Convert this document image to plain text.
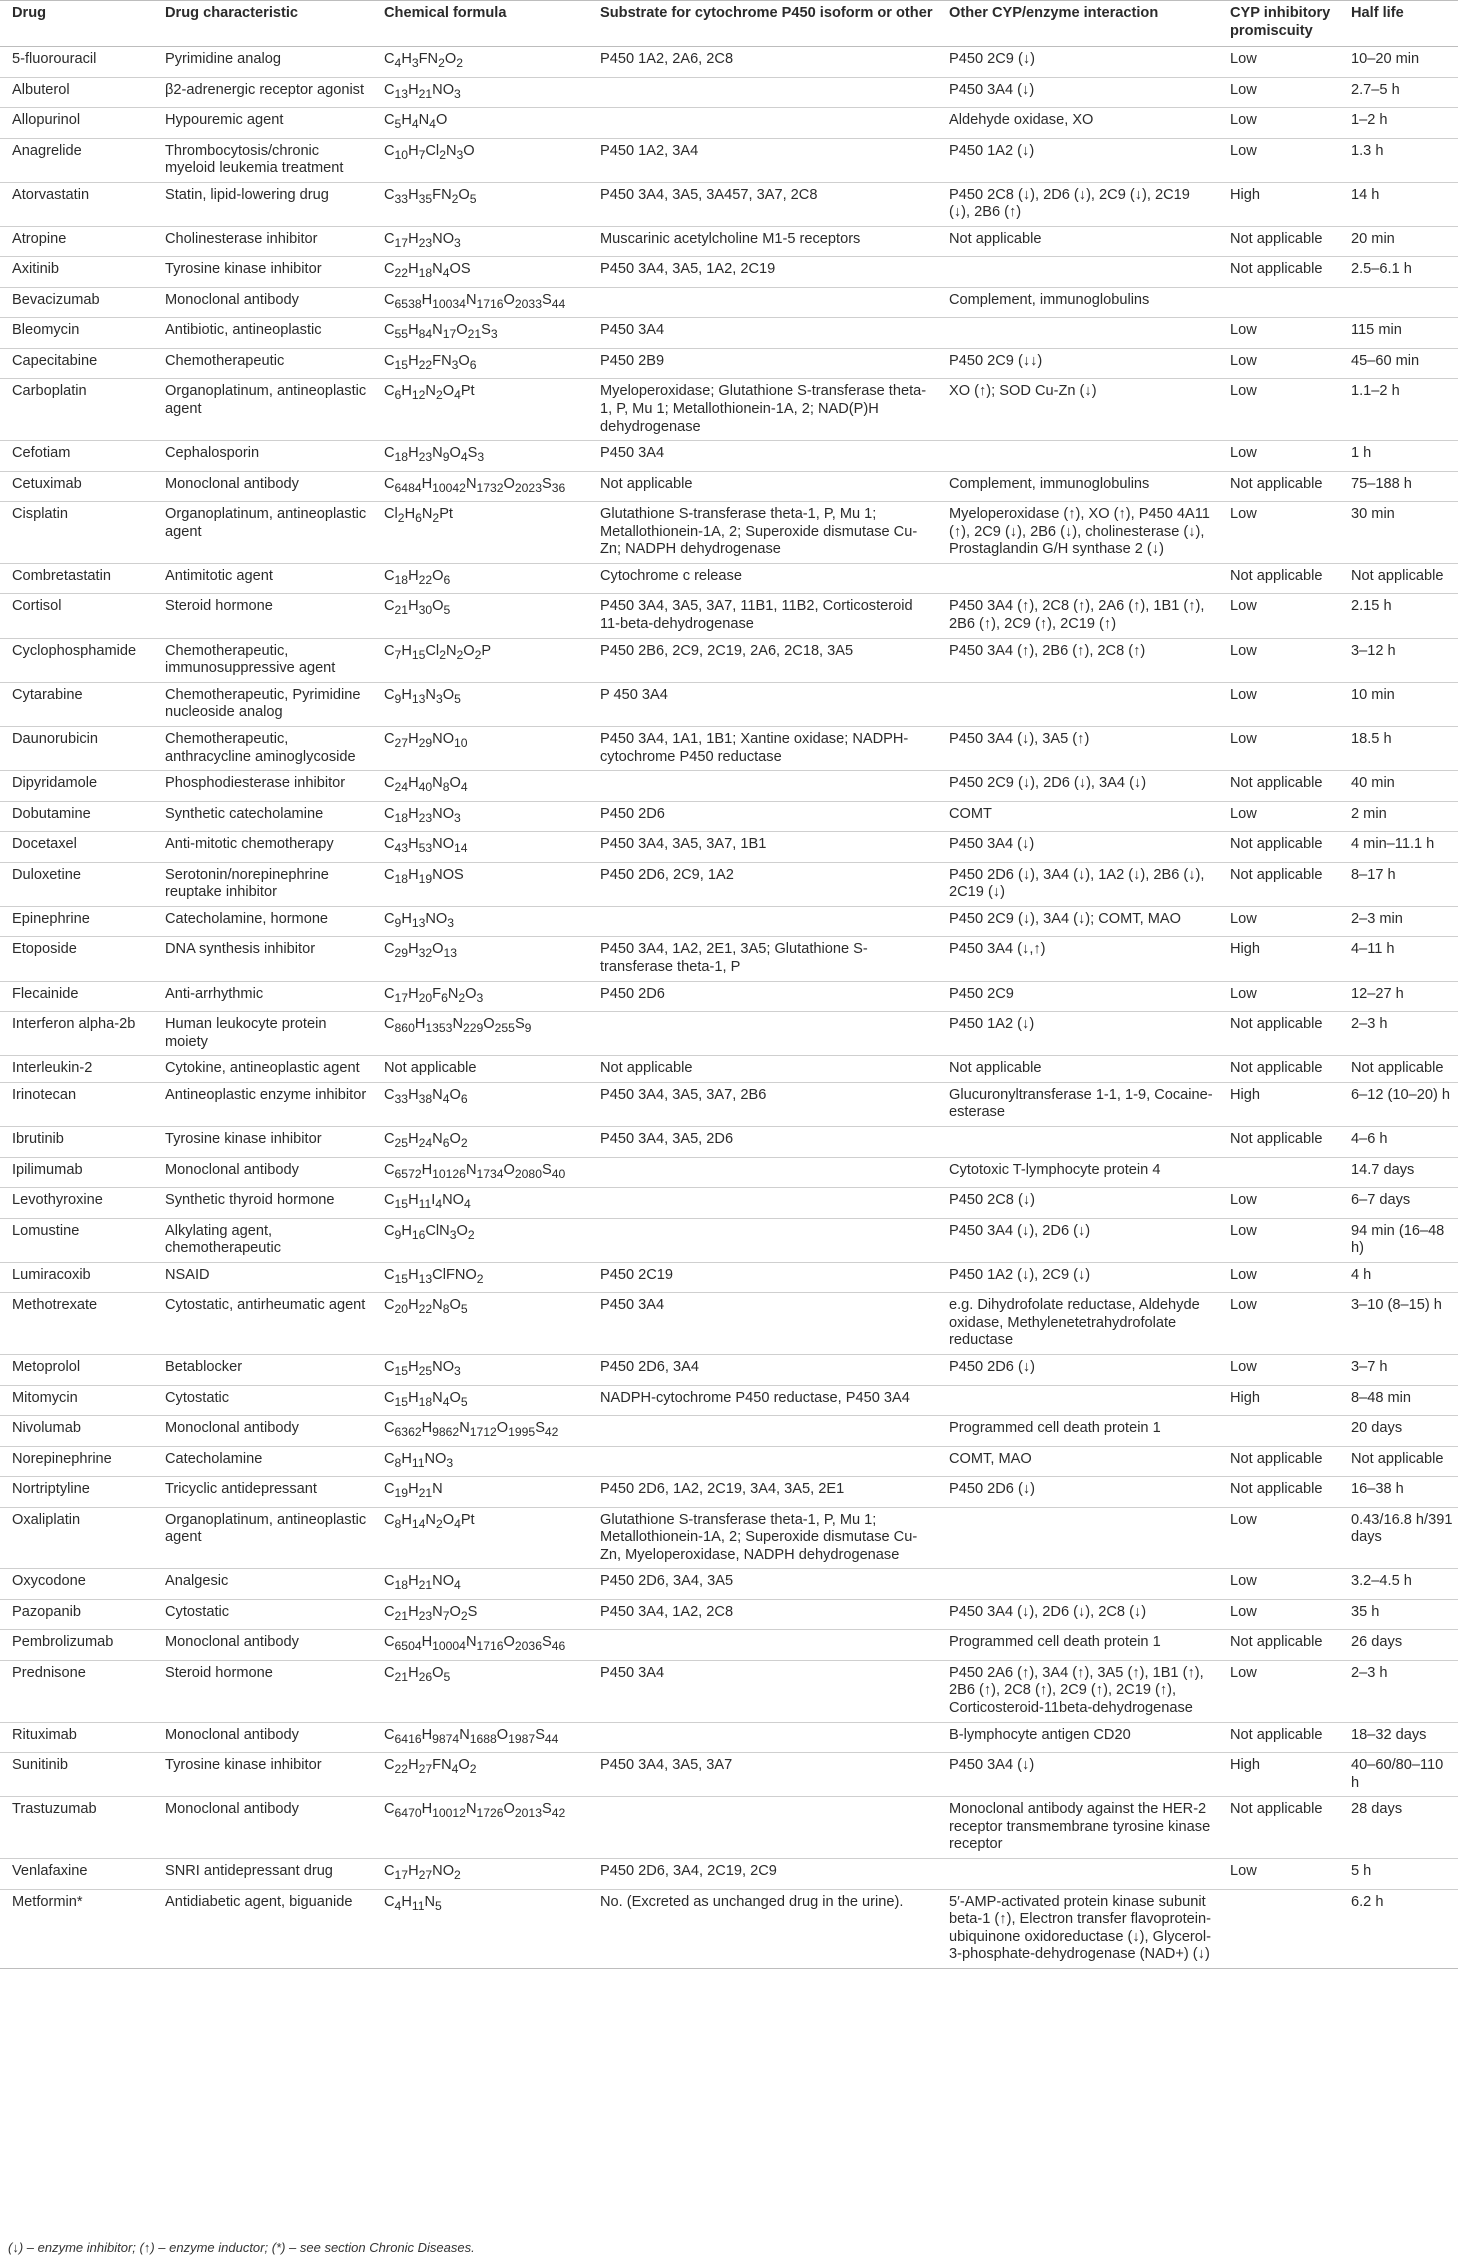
Drug	Drug characteristic	Chemical formula	Substrate for cytochrome P450 isoform or other	Other CYP/enzyme interaction	CYP inhibitory promiscuity	Half life
5-fluorouracil	Pyrimidine analog	$C_4H_3FN_2O_2$	P450 1A2, 2A6, 2C8	P450 2C9 (↓)	Low	10–20 min
Albuterol	β2-adrenergic receptor agonist	$C_{13}H_{21}NO_3$		P450 3A4 (↓)	Low	2.7–5 h
Allopurinol	Hypouremic agent	$C_5H_4N_4O$		Aldehyde oxidase, XO	Low	1–2 h
Anagrelide	Thrombocytosis/chronic myeloid leukemia treatment	$C_{10}H_7Cl_2N_3O$	P450 1A2, 3A4	P450 1A2 (↓)	Low	1.3 h
Atorvastatin	Statin, lipid-lowering drug	$C_{33}H_{35}FN_2O_5$	P450 3A4, 3A5, 3A457, 3A7, 2C8	P450 2C8 (↓), 2D6 (↓), 2C9 (↓), 2C19 (↓), 2B6 (↑)	High	14 h
Atropine	Cholinesterase inhibitor	$C_{17}H_{23}NO_3$	Muscarinic acetylcholine M1-5 receptors	Not applicable	Not applicable	20 min
Axitinib	Tyrosine kinase inhibitor	$C_{22}H_{18}N_4OS$	P450 3A4, 3A5, 1A2, 2C19		Not applicable	2.5–6.1 h
Bevacizumab	Monoclonal antibody	$C_{6538}H_{10034}N_{1716}O_{2033}S_{44}$		Complement, immunoglobulins		
Bleomycin	Antibiotic, antineoplastic	$C_{55}H_{84}N_{17}O_{21}S_3$	P450 3A4		Low	115 min
Capecitabine	Chemotherapeutic	$C_{15}H_{22}FN_3O_6$	P450 2B9	P450 2C9 (↓↓)	Low	45–60 min
Carboplatin	Organoplatinum, antineoplastic agent	$C_6H_{12}N_2O_4Pt$	Myeloperoxidase; Glutathione S-transferase theta-1, P, Mu 1; Metallothionein-1A, 2; NAD(P)H dehydrogenase	XO (↑); SOD Cu-Zn (↓)	Low	1.1–2 h
Cefotiam	Cephalosporin	$C_{18}H_{23}N_9O_4S_3$	P450 3A4		Low	1 h
Cetuximab	Monoclonal antibody	$C_{6484}H_{10042}N_{1732}O_{2023}S_{36}$	Not applicable	Complement, immunoglobulins	Not applicable	75–188 h
Cisplatin	Organoplatinum, antineoplastic agent	$Cl_2H_6N_2Pt$	Glutathione S-transferase theta-1, P, Mu 1; Metallothionein-1A, 2; Superoxide dismutase Cu-Zn; NADPH dehydrogenase	Myeloperoxidase (↑), XO (↑), P450 4A11 (↑), 2C9 (↓), 2B6 (↓), cholinesterase (↓), Prostaglandin G/H synthase 2 (↓)	Low	30 min
Combretastatin	Antimitotic agent	$C_{18}H_{22}O_6$	Cytochrome c release		Not applicable	Not applicable
Cortisol	Steroid hormone	$C_{21}H_{30}O_5$	P450 3A4, 3A5, 3A7, 11B1, 11B2, Corticosteroid 11-beta-dehydrogenase	P450 3A4 (↑), 2C8 (↑), 2A6 (↑), 1B1 (↑), 2B6 (↑), 2C9 (↑), 2C19 (↑)	Low	2.15 h
Cyclophosphamide	Chemotherapeutic, immunosuppressive agent	$C_7H_{15}Cl_2N_2O_2P$	P450 2B6, 2C9, 2C19, 2A6, 2C18, 3A5	P450 3A4 (↑), 2B6 (↑), 2C8 (↑)	Low	3–12 h
Cytarabine	Chemotherapeutic, Pyrimidine nucleoside analog	$C_9H_{13}N_3O_5$	P 450 3A4		Low	10 min
Daunorubicin	Chemotherapeutic, anthracycline aminoglycoside	$C_{27}H_{29}NO_{10}$	P450 3A4, 1A1, 1B1; Xantine oxidase; NADPH-cytochrome P450 reductase	P450 3A4 (↓), 3A5 (↑)	Low	18.5 h
Dipyridamole	Phosphodiesterase inhibitor	$C_{24}H_{40}N_8O_4$		P450 2C9 (↓), 2D6 (↓), 3A4 (↓)	Not applicable	40 min
Dobutamine	Synthetic catecholamine	$C_{18}H_{23}NO_3$	P450 2D6	COMT	Low	2 min
Docetaxel	Anti-mitotic chemotherapy	$C_{43}H_{53}NO_{14}$	P450 3A4, 3A5, 3A7, 1B1	P450 3A4 (↓)	Not applicable	4 min–11.1 h
Duloxetine	Serotonin/norepinephrine reuptake inhibitor	$C_{18}H_{19}NOS$	P450 2D6, 2C9, 1A2	P450 2D6 (↓), 3A4 (↓), 1A2 (↓), 2B6 (↓), 2C19 (↓)	Not applicable	8–17 h
Epinephrine	Catecholamine, hormone	$C_9H_{13}NO_3$		P450 2C9 (↓), 3A4 (↓); COMT, MAO	Low	2–3 min
Etoposide	DNA synthesis inhibitor	$C_{29}H_{32}O_{13}$	P450 3A4, 1A2, 2E1, 3A5; Glutathione S-transferase theta-1, P	P450 3A4 (↓,↑)	High	4–11 h
Flecainide	Anti-arrhythmic	$C_{17}H_{20}F_6N_2O_3$	P450 2D6	P450 2C9	Low	12–27 h
Interferon alpha-2b	Human leukocyte protein moiety	$C_{860}H_{1353}N_{229}O_{255}S_9$		P450 1A2 (↓)	Not applicable	2–3 h
Interleukin-2	Cytokine, antineoplastic agent	Not applicable	Not applicable	Not applicable	Not applicable	Not applicable
Irinotecan	Antineoplastic enzyme inhibitor	$C_{33}H_{38}N_4O_6$	P450 3A4, 3A5, 3A7, 2B6	Glucuronyltransferase 1-1, 1-9, Cocaine-esterase	High	6–12 (10–20) h
Ibrutinib	Tyrosine kinase inhibitor	$C_{25}H_{24}N_6O_2$	P450 3A4, 3A5, 2D6		Not applicable	4–6 h
Ipilimumab	Monoclonal antibody	$C_{6572}H_{10126}N_{1734}O_{2080}S_{40}$		Cytotoxic T-lymphocyte protein 4		14.7 days
Levothyroxine	Synthetic thyroid hormone	$C_{15}H_{11}I_4NO_4$		P450 2C8 (↓)	Low	6–7 days
Lomustine	Alkylating agent, chemotherapeutic	$C_9H_{16}ClN_3O_2$		P450 3A4 (↓), 2D6 (↓)	Low	94 min (16–48 h)
Lumiracoxib	NSAID	$C_{15}H_{13}ClFNO_2$	P450 2C19	P450 1A2 (↓), 2C9 (↓)	Low	4 h
Methotrexate	Cytostatic, antirheumatic agent	$C_{20}H_{22}N_8O_5$	P450 3A4	e.g. Dihydrofolate reductase, Aldehyde oxidase, Methylenetetrahydrofolate reductase	Low	3–10 (8–15) h
Metoprolol	Betablocker	$C_{15}H_{25}NO_3$	P450 2D6, 3A4	P450 2D6 (↓)	Low	3–7 h
Mitomycin	Cytostatic	$C_{15}H_{18}N_4O_5$	NADPH-cytochrome P450 reductase, P450 3A4		High	8–48 min
Nivolumab	Monoclonal antibody	$C_{6362}H_{9862}N_{1712}O_{1995}S_{42}$		Programmed cell death protein 1		20 days
Norepinephrine	Catecholamine	$C_8H_{11}NO_3$		COMT, MAO	Not applicable	Not applicable
Nortriptyline	Tricyclic antidepressant	$C_{19}H_{21}N$	P450 2D6, 1A2, 2C19, 3A4, 3A5, 2E1	P450 2D6 (↓)	Not applicable	16–38 h
Oxaliplatin	Organoplatinum, antineoplastic agent	$C_8H_{14}N_2O_4Pt$	Glutathione S-transferase theta-1, P, Mu 1; Metallothionein-1A, 2; Superoxide dismutase Cu-Zn, Myeloperoxidase, NADPH dehydrogenase		Low	0.43/16.8 h/391 days
Oxycodone	Analgesic	$C_{18}H_{21}NO_4$	P450 2D6, 3A4, 3A5		Low	3.2–4.5 h
Pazopanib	Cytostatic	$C_{21}H_{23}N_7O_2S$	P450 3A4, 1A2, 2C8	P450 3A4 (↓), 2D6 (↓), 2C8 (↓)	Low	35 h
Pembrolizumab	Monoclonal antibody	$C_{6504}H_{10004}N_{1716}O_{2036}S_{46}$		Programmed cell death protein 1	Not applicable	26 days
Prednisone	Steroid hormone	$C_{21}H_{26}O_5$	P450 3A4	P450 2A6 (↑), 3A4 (↑), 3A5 (↑), 1B1 (↑), 2B6 (↑), 2C8 (↑), 2C9 (↑), 2C19 (↑), Corticosteroid-11beta-dehydrogenase	Low	2–3 h
Rituximab	Monoclonal antibody	$C_{6416}H_{9874}N_{1688}O_{1987}S_{44}$		B-lymphocyte antigen CD20	Not applicable	18–32 days
Sunitinib	Tyrosine kinase inhibitor	$C_{22}H_{27}FN_4O_2$	P450 3A4, 3A5, 3A7	P450 3A4 (↓)	High	40–60/80–110 h
Trastuzumab	Monoclonal antibody	$C_{6470}H_{10012}N_{1726}O_{2013}S_{42}$		Monoclonal antibody against the HER-2 receptor transmembrane tyrosine kinase receptor	Not applicable	28 days
Venlafaxine	SNRI antidepressant drug	$C_{17}H_{27}NO_2$	P450 2D6, 3A4, 2C19, 2C9		Low	5 h
Metformin*	Antidiabetic agent, biguanide	$C_4H_{11}N_5$	No. (Excreted as unchanged drug in the urine).	5′-AMP-activated protein kinase subunit beta-1 (↑), Electron transfer flavoprotein-ubiquinone oxidoreductase (↓), Glycerol-3-phosphate-dehydrogenase (NAD+) (↓)		6.2 h
(↓) – enzyme inhibitor; (↑) – enzyme inductor; (*) – see section Chronic Diseases.
